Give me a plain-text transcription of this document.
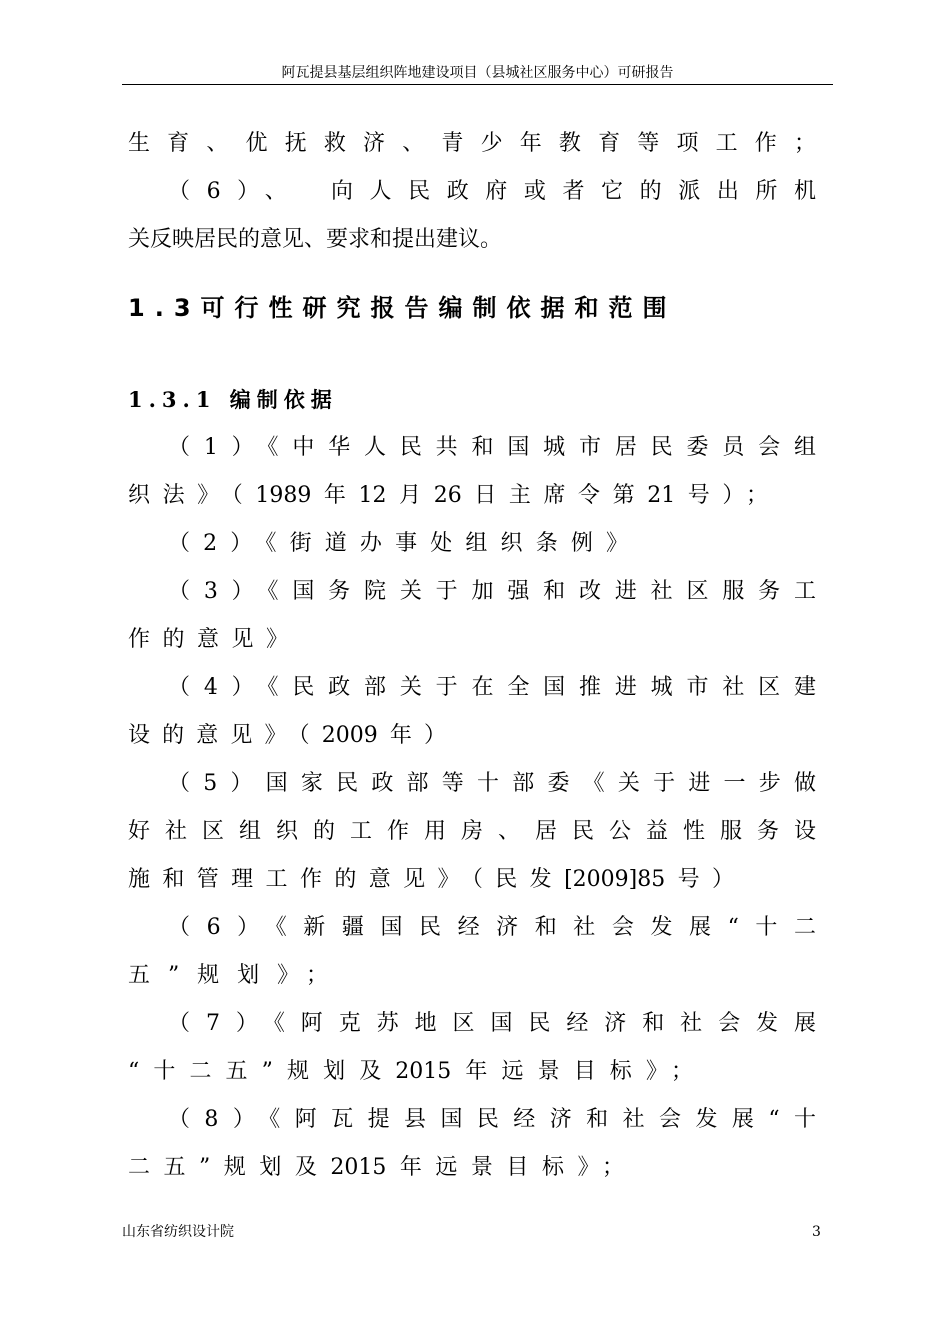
阿瓦提县基层组织阵地建设项目（县城社区服务中心）可研报告
生育、优抚救济、青少年教育等项工作；
（6）、　向人民政府或者它的派出所机
关反映居民的意见、要求和提出建议。
1.3可行性研究报告编制依据和范围
1.3.1 编制依据
（1）《中华人民共和国城市居民委员会组
织法》（1989年12月26日主席令第21号）；
（2）《街道办事处组织条例》
（3）《国务院关于加强和改进社区服务工
作的意见》
（4）《民政部关于在全国推进城市社区建
设的意见》（2009年）
（5）国家民政部等十部委《关于进一步做
好社区组织的工作用房、居民公益性服务设
施和管理工作的意见》（民发[2009]85号）
（6）《新疆国民经济和社会发展“十二
五”规划》；
（7）《阿克苏地区国民经济和社会发展
“十二五”规划及2015年远景目标》；
（8）《阿瓦提县国民经济和社会发展“十
二五”规划及2015年远景目标》；
山东省纺织设计院	3
